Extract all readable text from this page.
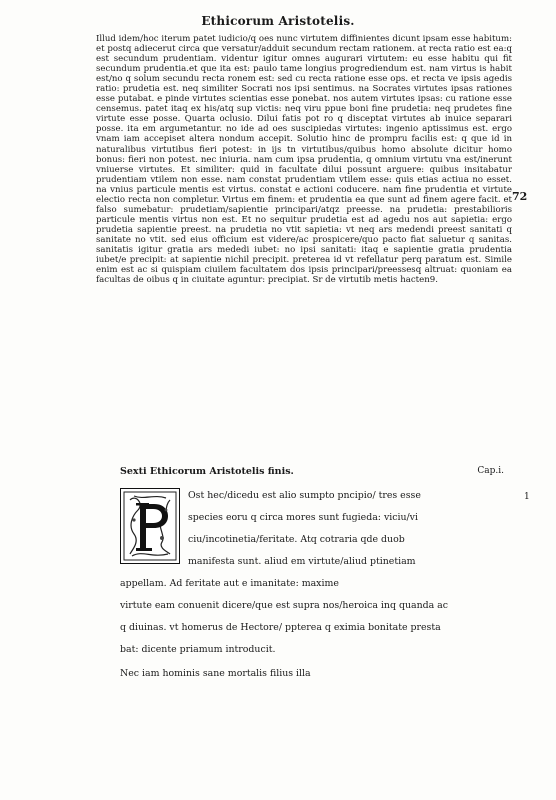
Ethicorum Aristotelis.
72

Illud idem/hoc iterum patet iudicio/q oes nunc virtutem diffinientes dicunt ipsam esse habitum: et postq adiecerut circa que versatur/adduit secundum rectam rationem. at recta ratio est ea:q est secundum prudentiam. videntur igitur omnes augurari virtutem: eu esse habitu qui fit secundum prudentia.et que ita est: paulo tame longius progrediendum est. nam virtus is habit est/no q solum secundu recta ronem est: sed cu recta ratione esse ops. et recta ve ipsis agedis ratio: prudetia est. neq similiter Socrati nos ipsi sentimus. na Socrates virtutes ipsas rationes esse putabat. e pinde virtutes scientias esse ponebat. nos autem virtutes ipsas: cu ratione esse censemus. patet itaq ex his/atq sup victis: neq viru ppue boni fine prudetia: neq prudetes fine virtute esse posse. Quarta oclusio. Dilui fatis pot ro q disceptat virtutes ab inuice separari posse. ita em argumetantur. no ide ad oes suscipiedas virtutes: ingenio aptissimus est. ergo vnam iam accepiset altera nondum accepit. Solutio hinc de prompru facilis est: q que id in naturalibus virtutibus fieri potest: in ijs tn virtutibus/quibus homo absolute dicitur homo bonus: fieri non potest. nec iniuria. nam cum ipsa prudentia, q omnium virtutu vna est/inerunt vniuerse virtutes. Et similiter: quid in facultate dilui possunt arguere: quibus insitabatur prudentiam vtilem non esse. nam constat prudentiam vtilem esse: quis etias actiua no esset. na vnius particule mentis est virtus. constat e actioni coducere. nam fine prudentia et virtute electio recta non completur. Virtus em finem: et prudentia ea que sunt ad finem agere facit. et falso sumebatur: prudetiam/sapientie principari/atqz preesse. na prudetia: prestabilioris particule mentis virtus non est. Et no sequitur prudetia est ad agedu nos aut sapietia: ergo prudetia sapientie preest. na prudetia no vtit sapietia: vt neq ars medendi preest sanitati q sanitate no vtit. sed eius officium est videre/ac prospicere/quo pacto fiat saluetur q sanitas. sanitatis igitur gratia ars mededi iubet: no ipsi sanitati: itaq e sapientie gratia prudentia iubet/e precipit: at sapientie nichil precipit. preterea id vt refellatur perq paratum est. Simile enim est ac si quispiam ciuilem facultatem dos ipsis principari/preessesq altruat: quoniam ea facultas de oibus q in ciuitate aguntur: precipiat. Sr de virtutib metis hacten9.

Sexti Ethicorum Aristotelis finis.	Cap.i.
1
Ost hec/dicedu est alio sumpto pncipio/ tres esse
species eoru q circa mores sunt fugieda: viciu/vi
ciu/incotinetia/feritate. Atq cotraria qde duob
manifesta sunt. aliud em virtute/aliud ptinetiam
appellam. Ad feritate aut e imanitate: maxime
virtute eam conuenit dicere/que est supra nos/heroica inq quanda ac
q diuinas. vt homerus de Hectore/ ppterea q eximia bonitate presta
bat: dicente priamum introducit.
Nec iam hominis sane mortalis filius illa
